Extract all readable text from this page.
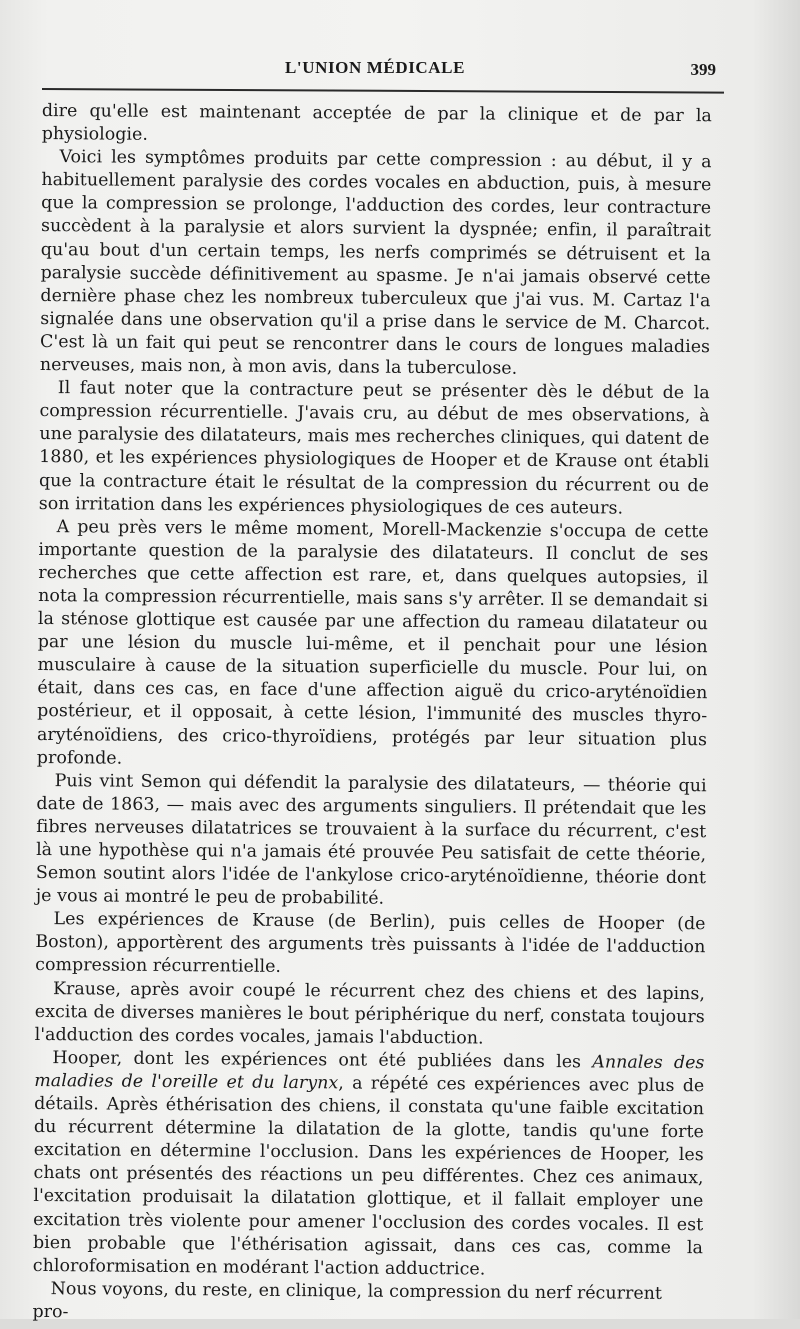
L'UNION MÉDICALE	399

dire qu'elle est maintenant acceptée de par la clinique et de par la physiologie.

Voici les symptômes produits par cette compression : au début, il y a habituellement paralysie des cordes vocales en abduction, puis, à mesure que la compression se prolonge, l'adduction des cordes, leur contracture succèdent à la paralysie et alors survient la dyspnée; enfin, il paraîtrait qu'au bout d'un certain temps, les nerfs comprimés se détruisent et la paralysie succède définitivement au spasme. Je n'ai jamais observé cette dernière phase chez les nombreux tuberculeux que j'ai vus. M. Cartaz l'a signalée dans une observation qu'il a prise dans le service de M. Charcot. C'est là un fait qui peut se rencontrer dans le cours de longues maladies nerveuses, mais non, à mon avis, dans la tuberculose.

Il faut noter que la contracture peut se présenter dès le début de la compression récurrentielle. J'avais cru, au début de mes observations, à une paralysie des dilatateurs, mais mes recherches cliniques, qui datent de 1880, et les expériences physiologiques de Hooper et de Krause ont établi que la contracture était le résultat de la compression du récurrent ou de son irritation dans les expériences physiologiques de ces auteurs.

A peu près vers le même moment, Morell-Mackenzie s'occupa de cette importante question de la paralysie des dilatateurs. Il conclut de ses recherches que cette affection est rare, et, dans quelques autopsies, il nota la compression récurrentielle, mais sans s'y arrêter. Il se demandait si la sténose glottique est causée par une affection du rameau dilatateur ou par une lésion du muscle lui-même, et il penchait pour une lésion musculaire à cause de la situation superficielle du muscle. Pour lui, on était, dans ces cas, en face d'une affection aiguë du crico-aryténoïdien postérieur, et il opposait, à cette lésion, l'immunité des muscles thyro-aryténoïdiens, des crico-thyroïdiens, protégés par leur situation plus profonde.

Puis vint Semon qui défendit la paralysie des dilatateurs, — théorie qui date de 1863, — mais avec des arguments singuliers. Il prétendait que les fibres nerveuses dilatatrices se trouvaient à la surface du récurrent, c'est là une hypothèse qui n'a jamais été prouvée Peu satisfait de cette théorie, Semon soutint alors l'idée de l'ankylose crico-aryténoïdienne, théorie dont je vous ai montré le peu de probabilité.

Les expériences de Krause (de Berlin), puis celles de Hooper (de Boston), apportèrent des arguments très puissants à l'idée de l'adduction compression récurrentielle.

Krause, après avoir coupé le récurrent chez des chiens et des lapins, excita de diverses manières le bout périphérique du nerf, constata toujours l'adduction des cordes vocales, jamais l'abduction.

Hooper, dont les expériences ont été publiées dans les Annales des maladies de l'oreille et du larynx, a répété ces expériences avec plus de détails. Après éthérisation des chiens, il constata qu'une faible excitation du récurrent détermine la dilatation de la glotte, tandis qu'une forte excitation en détermine l'occlusion. Dans les expériences de Hooper, les chats ont présentés des réactions un peu différentes. Chez ces animaux, l'excitation produisait la dilatation glottique, et il fallait employer une excitation très violente pour amener l'occlusion des cordes vocales. Il est bien probable que l'éthérisation agissait, dans ces cas, comme la chloroformisation en modérant l'action adductrice.

Nous voyons, du reste, en clinique, la compression du nerf récurrent pro-
